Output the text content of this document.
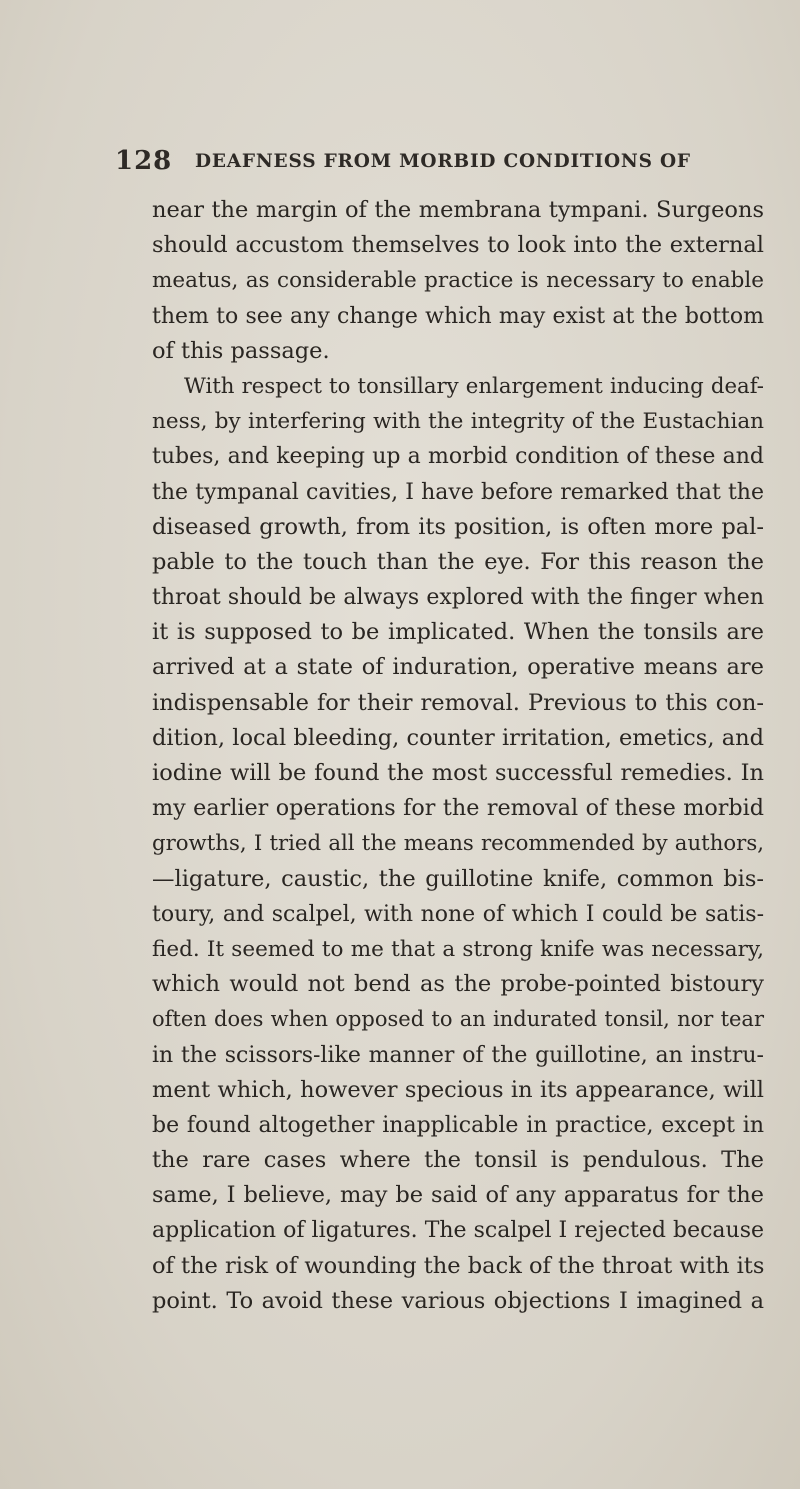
128 DEAFNESS FROM MORBID CONDITIONS OF
near the margin of the membrana tympani. Surgeons
should accustom themselves to look into the external
meatus, as considerable practice is necessary to enable
them to see any change which may exist at the bottom
of this passage.
With respect to tonsillary enlargement inducing deaf-
ness, by interfering with the integrity of the Eustachian
tubes, and keeping up a morbid condition of these and
the tympanal cavities, I have before remarked that the
diseased growth, from its position, is often more pal-
pable to the touch than the eye. For this reason the
throat should be always explored with the finger when
it is supposed to be implicated. When the tonsils are
arrived at a state of induration, operative means are
indispensable for their removal. Previous to this con-
dition, local bleeding, counter irritation, emetics, and
iodine will be found the most successful remedies. In
my earlier operations for the removal of these morbid
growths, I tried all the means recommended by authors,
—ligature, caustic, the guillotine knife, common bis-
toury, and scalpel, with none of which I could be satis-
fied. It seemed to me that a strong knife was necessary,
which would not bend as the probe-pointed bistoury
often does when opposed to an indurated tonsil, nor tear
in the scissors-like manner of the guillotine, an instru-
ment which, however specious in its appearance, will
be found altogether inapplicable in practice, except in
the rare cases where the tonsil is pendulous. The
same, I believe, may be said of any apparatus for the
application of ligatures. The scalpel I rejected because
of the risk of wounding the back of the throat with its
point. To avoid these various objections I imagined a
